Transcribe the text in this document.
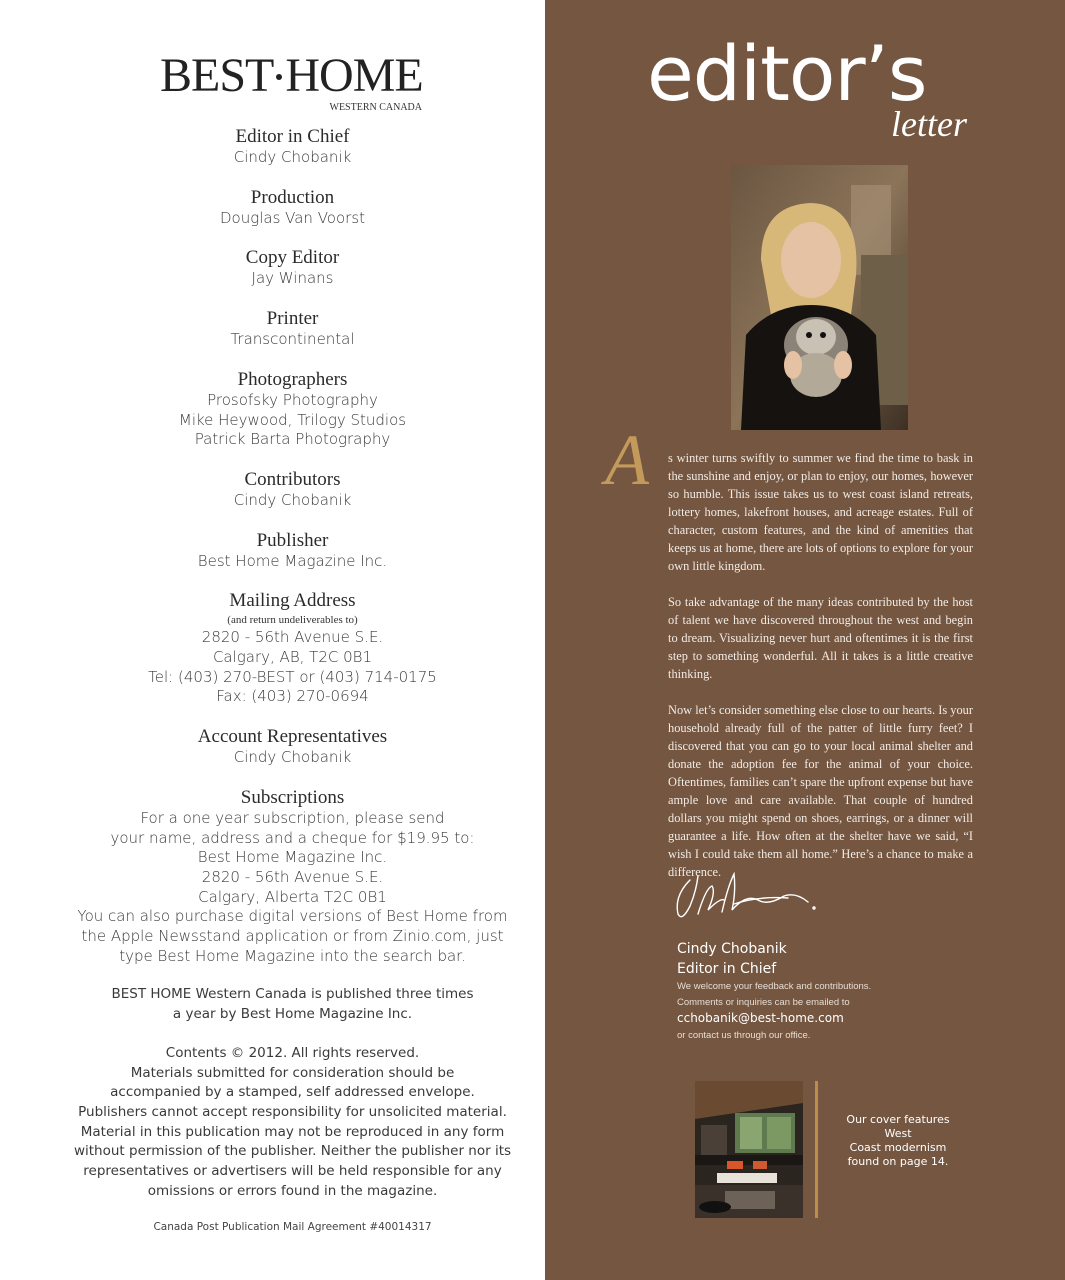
BEST HOME
WESTERN CANADA
Editor in Chief
Cindy Chobanik
Production
Douglas Van Voorst
Copy Editor
Jay Winans
Printer
Transcontinental
Photographers
Prosofsky Photography
Mike Heywood, Trilogy Studios
Patrick Barta Photography
Contributors
Cindy Chobanik
Publisher
Best Home Magazine Inc.
Mailing Address
(and return undeliverables to)
2820 - 56th Avenue S.E.
Calgary, AB, T2C 0B1
Tel: (403) 270-BEST or (403) 714-0175
Fax: (403) 270-0694
Account Representatives
Cindy Chobanik
Subscriptions
For a one year subscription, please send
your name, address and a cheque for $19.95 to:
Best Home Magazine Inc.
2820 - 56th Avenue S.E.
Calgary, Alberta T2C 0B1
You can also purchase digital versions of Best Home from
the Apple Newsstand application or from Zinio.com, just
type Best Home Magazine into the search bar.
BEST HOME Western Canada is published three times
a year by Best Home Magazine Inc.
Contents © 2012. All rights reserved.
Materials submitted for consideration should be
accompanied by a stamped, self addressed envelope.
Publishers cannot accept responsibility for unsolicited material.
Material in this publication may not be reproduced in any form
without permission of the publisher. Neither the publisher nor its
representatives or advertisers will be held responsible for any
omissions or errors found in the magazine.
Canada Post Publication Mail Agreement #40014317
editor’s
letter
A s winter turns swiftly to summer we find the time to bask in the sunshine and enjoy, or plan to enjoy, our homes, however so humble. This issue takes us to west coast island retreats, lottery homes, lakefront houses, and acreage estates. Full of character, custom features, and the kind of amenities that keeps us at home, there are lots of options to explore for your own little kingdom.

So take advantage of the many ideas contributed by the host of talent we have discovered throughout the west and begin to dream. Visualizing never hurt and oftentimes it is the first step to something wonderful. All it takes is a little creative thinking.

Now let’s consider something else close to our hearts. Is your household already full of the patter of little furry feet? I discovered that you can go to your local animal shelter and donate the adoption fee for the animal of your choice. Oftentimes, families can’t spare the upfront expense but have ample love and care available. That couple of hundred dollars you might spend on shoes, earrings, or a dinner will guarantee a life. How often at the shelter have we said, “I wish I could take them all home.” Here’s a chance to make a difference.

Cindy Chobanik
Editor in Chief
We welcome your feedback and contributions.
Comments or inquiries can be emailed to
cchobanik@best-home.com
or contact us through our office.
Our cover features West
Coast modernism
found on page 14.
